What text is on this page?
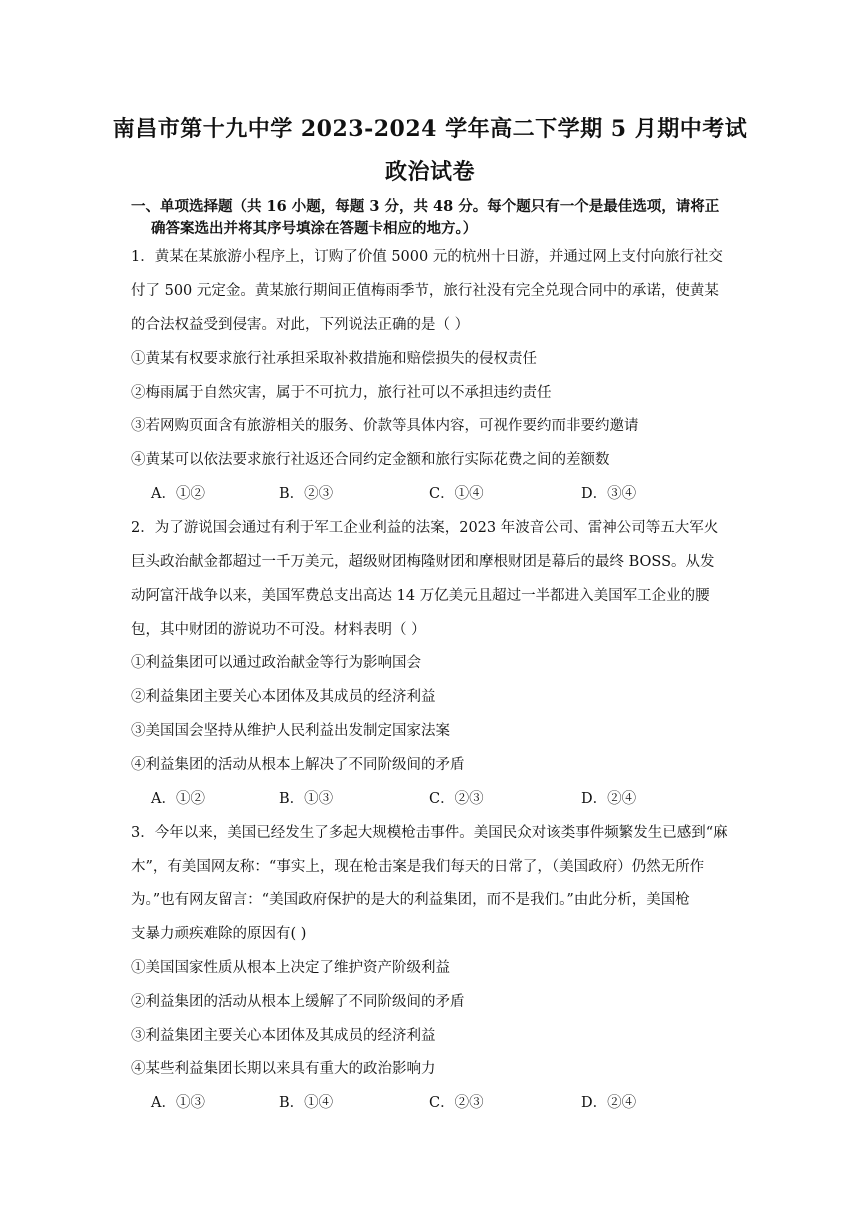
南昌市第十九中学 2023-2024 学年高二下学期 5 月期中考试
政治试卷
一、单项选择题（共 16 小题，每题 3 分，共 48 分。每个题只有一个是最佳选项，请将正
确答案选出并将其序号填涂在答题卡相应的地方。）
1．黄某在某旅游小程序上，订购了价值 5000 元的杭州十日游，并通过网上支付向旅行社交
付了 500 元定金。黄某旅行期间正值梅雨季节，旅行社没有完全兑现合同中的承诺，使黄某
的合法权益受到侵害。对此，下列说法正确的是（ ）
①黄某有权要求旅行社承担采取补救措施和赔偿损失的侵权责任
②梅雨属于自然灾害，属于不可抗力，旅行社可以不承担违约责任
③若网购页面含有旅游相关的服务、价款等具体内容，可视作要约而非要约邀请
④黄某可以依法要求旅行社返还合同约定金额和旅行实际花费之间的差额数
A．①②	B．②③	C．①④	D．③④
2．为了游说国会通过有利于军工企业利益的法案，2023 年波音公司、雷神公司等五大军火
巨头政治献金都超过一千万美元，超级财团梅隆财团和摩根财团是幕后的最终 BOSS。从发
动阿富汗战争以来，美国军费总支出高达 14 万亿美元且超过一半都进入美国军工企业的腰
包，其中财团的游说功不可没。材料表明（ ）
①利益集团可以通过政治献金等行为影响国会
②利益集团主要关心本团体及其成员的经济利益
③美国国会坚持从维护人民利益出发制定国家法案
④利益集团的活动从根本上解决了不同阶级间的矛盾
A．①②	B．①③	C．②③	D．②④
3．今年以来，美国已经发生了多起大规模枪击事件。美国民众对该类事件频繁发生已感到“麻
木”，有美国网友称：“事实上，现在枪击案是我们每天的日常了，（美国政府）仍然无所作
为。”也有网友留言：“美国政府保护的是大的利益集团，而不是我们。”由此分析，美国枪
支暴力顽疾难除的原因有( )
①美国国家性质从根本上决定了维护资产阶级利益
②利益集团的活动从根本上缓解了不同阶级间的矛盾
③利益集团主要关心本团体及其成员的经济利益
④某些利益集团长期以来具有重大的政治影响力
A．①③	B．①④	C．②③	D．②④
